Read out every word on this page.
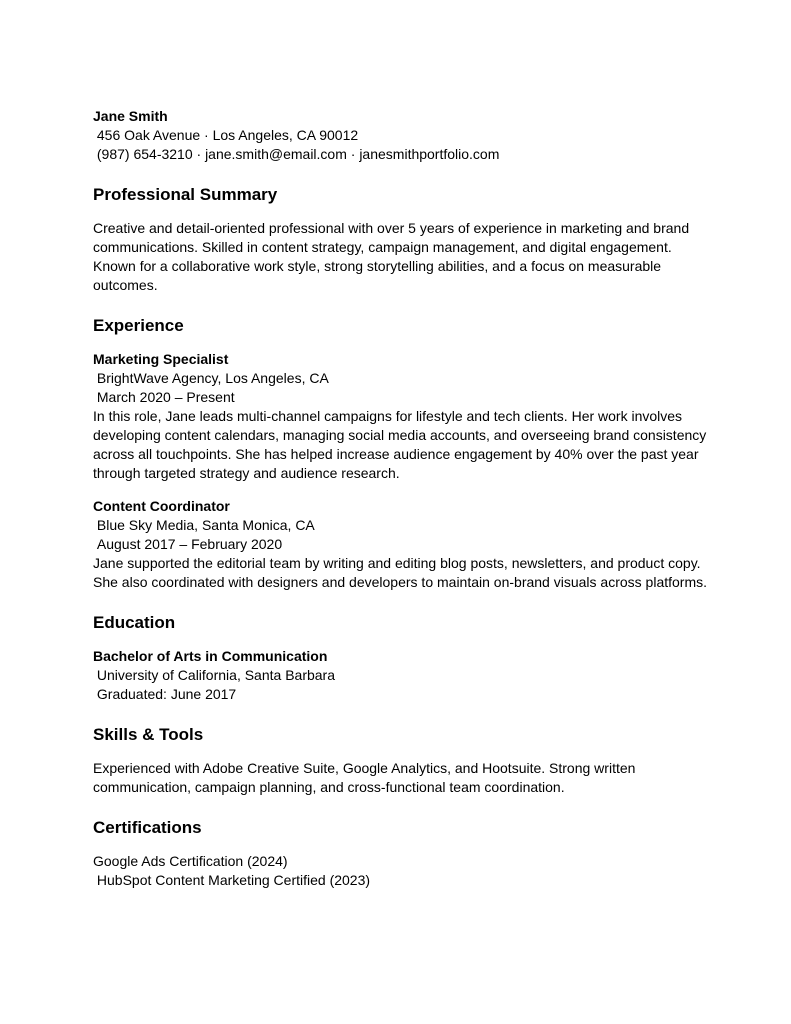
Jane Smith
456 Oak Avenue · Los Angeles, CA 90012
(987) 654-3210 · jane.smith@email.com · janesmithportfolio.com
Professional Summary
Creative and detail-oriented professional with over 5 years of experience in marketing and brand communications. Skilled in content strategy, campaign management, and digital engagement. Known for a collaborative work style, strong storytelling abilities, and a focus on measurable outcomes.
Experience
Marketing Specialist
BrightWave Agency, Los Angeles, CA
March 2020 – Present
In this role, Jane leads multi-channel campaigns for lifestyle and tech clients. Her work involves developing content calendars, managing social media accounts, and overseeing brand consistency across all touchpoints. She has helped increase audience engagement by 40% over the past year through targeted strategy and audience research.
Content Coordinator
Blue Sky Media, Santa Monica, CA
August 2017 – February 2020
Jane supported the editorial team by writing and editing blog posts, newsletters, and product copy. She also coordinated with designers and developers to maintain on-brand visuals across platforms.
Education
Bachelor of Arts in Communication
University of California, Santa Barbara
Graduated: June 2017
Skills & Tools
Experienced with Adobe Creative Suite, Google Analytics, and Hootsuite. Strong written communication, campaign planning, and cross-functional team coordination.
Certifications
Google Ads Certification (2024)
HubSpot Content Marketing Certified (2023)
